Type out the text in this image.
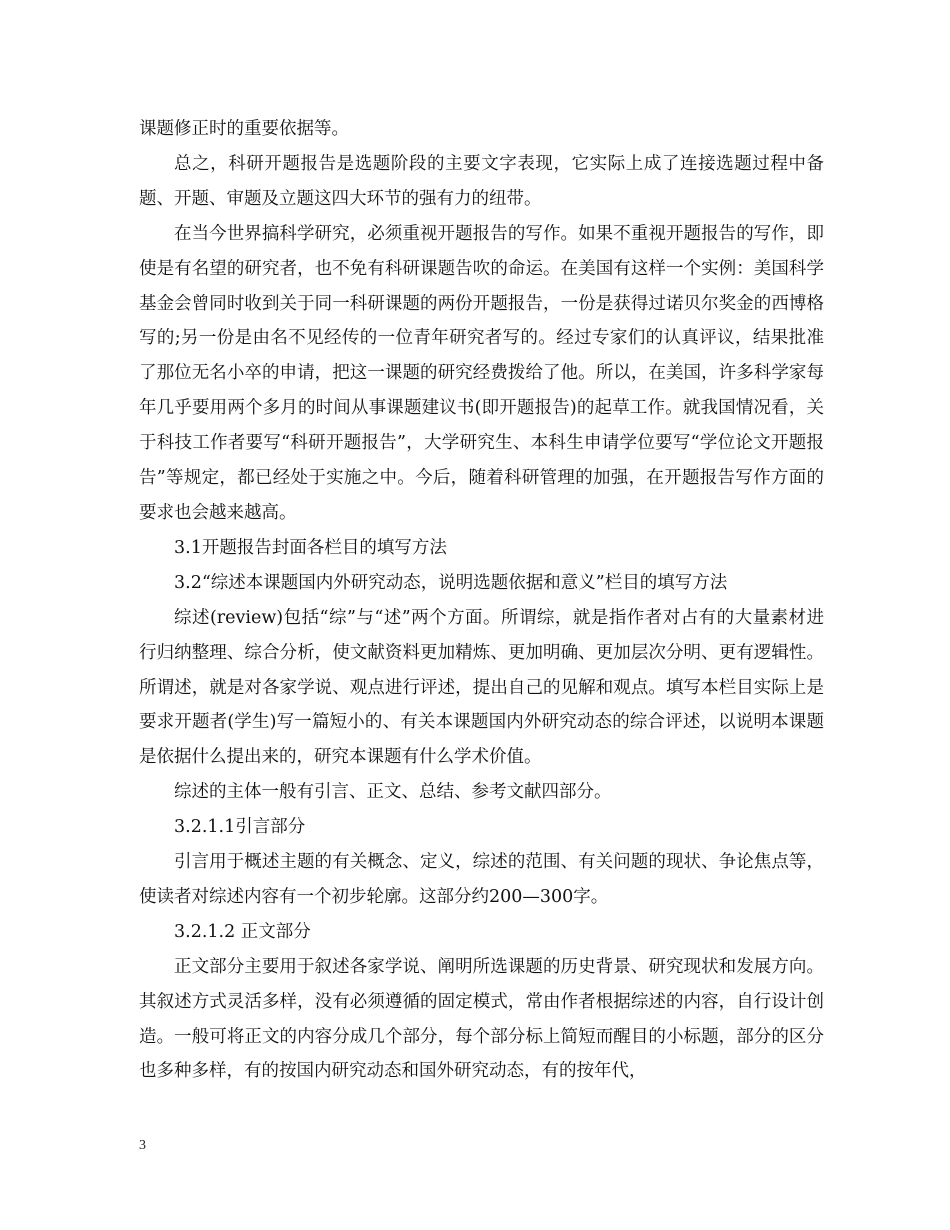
课题修正时的重要依据等。

总之，科研开题报告是选题阶段的主要文字表现，它实际上成了连接选题过程中备题、开题、审题及立题这四大环节的强有力的纽带。

在当今世界搞科学研究，必须重视开题报告的写作。如果不重视开题报告的写作，即使是有名望的研究者，也不免有科研课题告吹的命运。在美国有这样一个实例：美国科学基金会曾同时收到关于同一科研课题的两份开题报告，一份是获得过诺贝尔奖金的西博格写的;另一份是由名不见经传的一位青年研究者写的。经过专家们的认真评议，结果批准了那位无名小卒的申请，把这一课题的研究经费拨给了他。所以，在美国，许多科学家每年几乎要用两个多月的时间从事课题建议书(即开题报告)的起草工作。就我国情况看，关于科技工作者要写“科研开题报告”，大学研究生、本科生申请学位要写“学位论文开题报告”等规定，都已经处于实施之中。今后，随着科研管理的加强，在开题报告写作方面的要求也会越来越高。

3.1开题报告封面各栏目的填写方法

3.2“综述本课题国内外研究动态，说明选题依据和意义”栏目的填写方法

综述(review)包括“综”与“述”两个方面。所谓综，就是指作者对占有的大量素材进行归纳整理、综合分析，使文献资料更加精炼、更加明确、更加层次分明、更有逻辑性。所谓述，就是对各家学说、观点进行评述，提出自己的见解和观点。填写本栏目实际上是要求开题者(学生)写一篇短小的、有关本课题国内外研究动态的综合评述，以说明本课题是依据什么提出来的，研究本课题有什么学术价值。

综述的主体一般有引言、正文、总结、参考文献四部分。

3.2.1.1引言部分

引言用于概述主题的有关概念、定义，综述的范围、有关问题的现状、争论焦点等，使读者对综述内容有一个初步轮廓。这部分约200—300字。

3.2.1.2 正文部分

正文部分主要用于叙述各家学说、阐明所选课题的历史背景、研究现状和发展方向。其叙述方式灵活多样，没有必须遵循的固定模式，常由作者根据综述的内容，自行设计创造。一般可将正文的内容分成几个部分，每个部分标上简短而醒目的小标题，部分的区分也多种多样，有的按国内研究动态和国外研究动态，有的按年代，

3
